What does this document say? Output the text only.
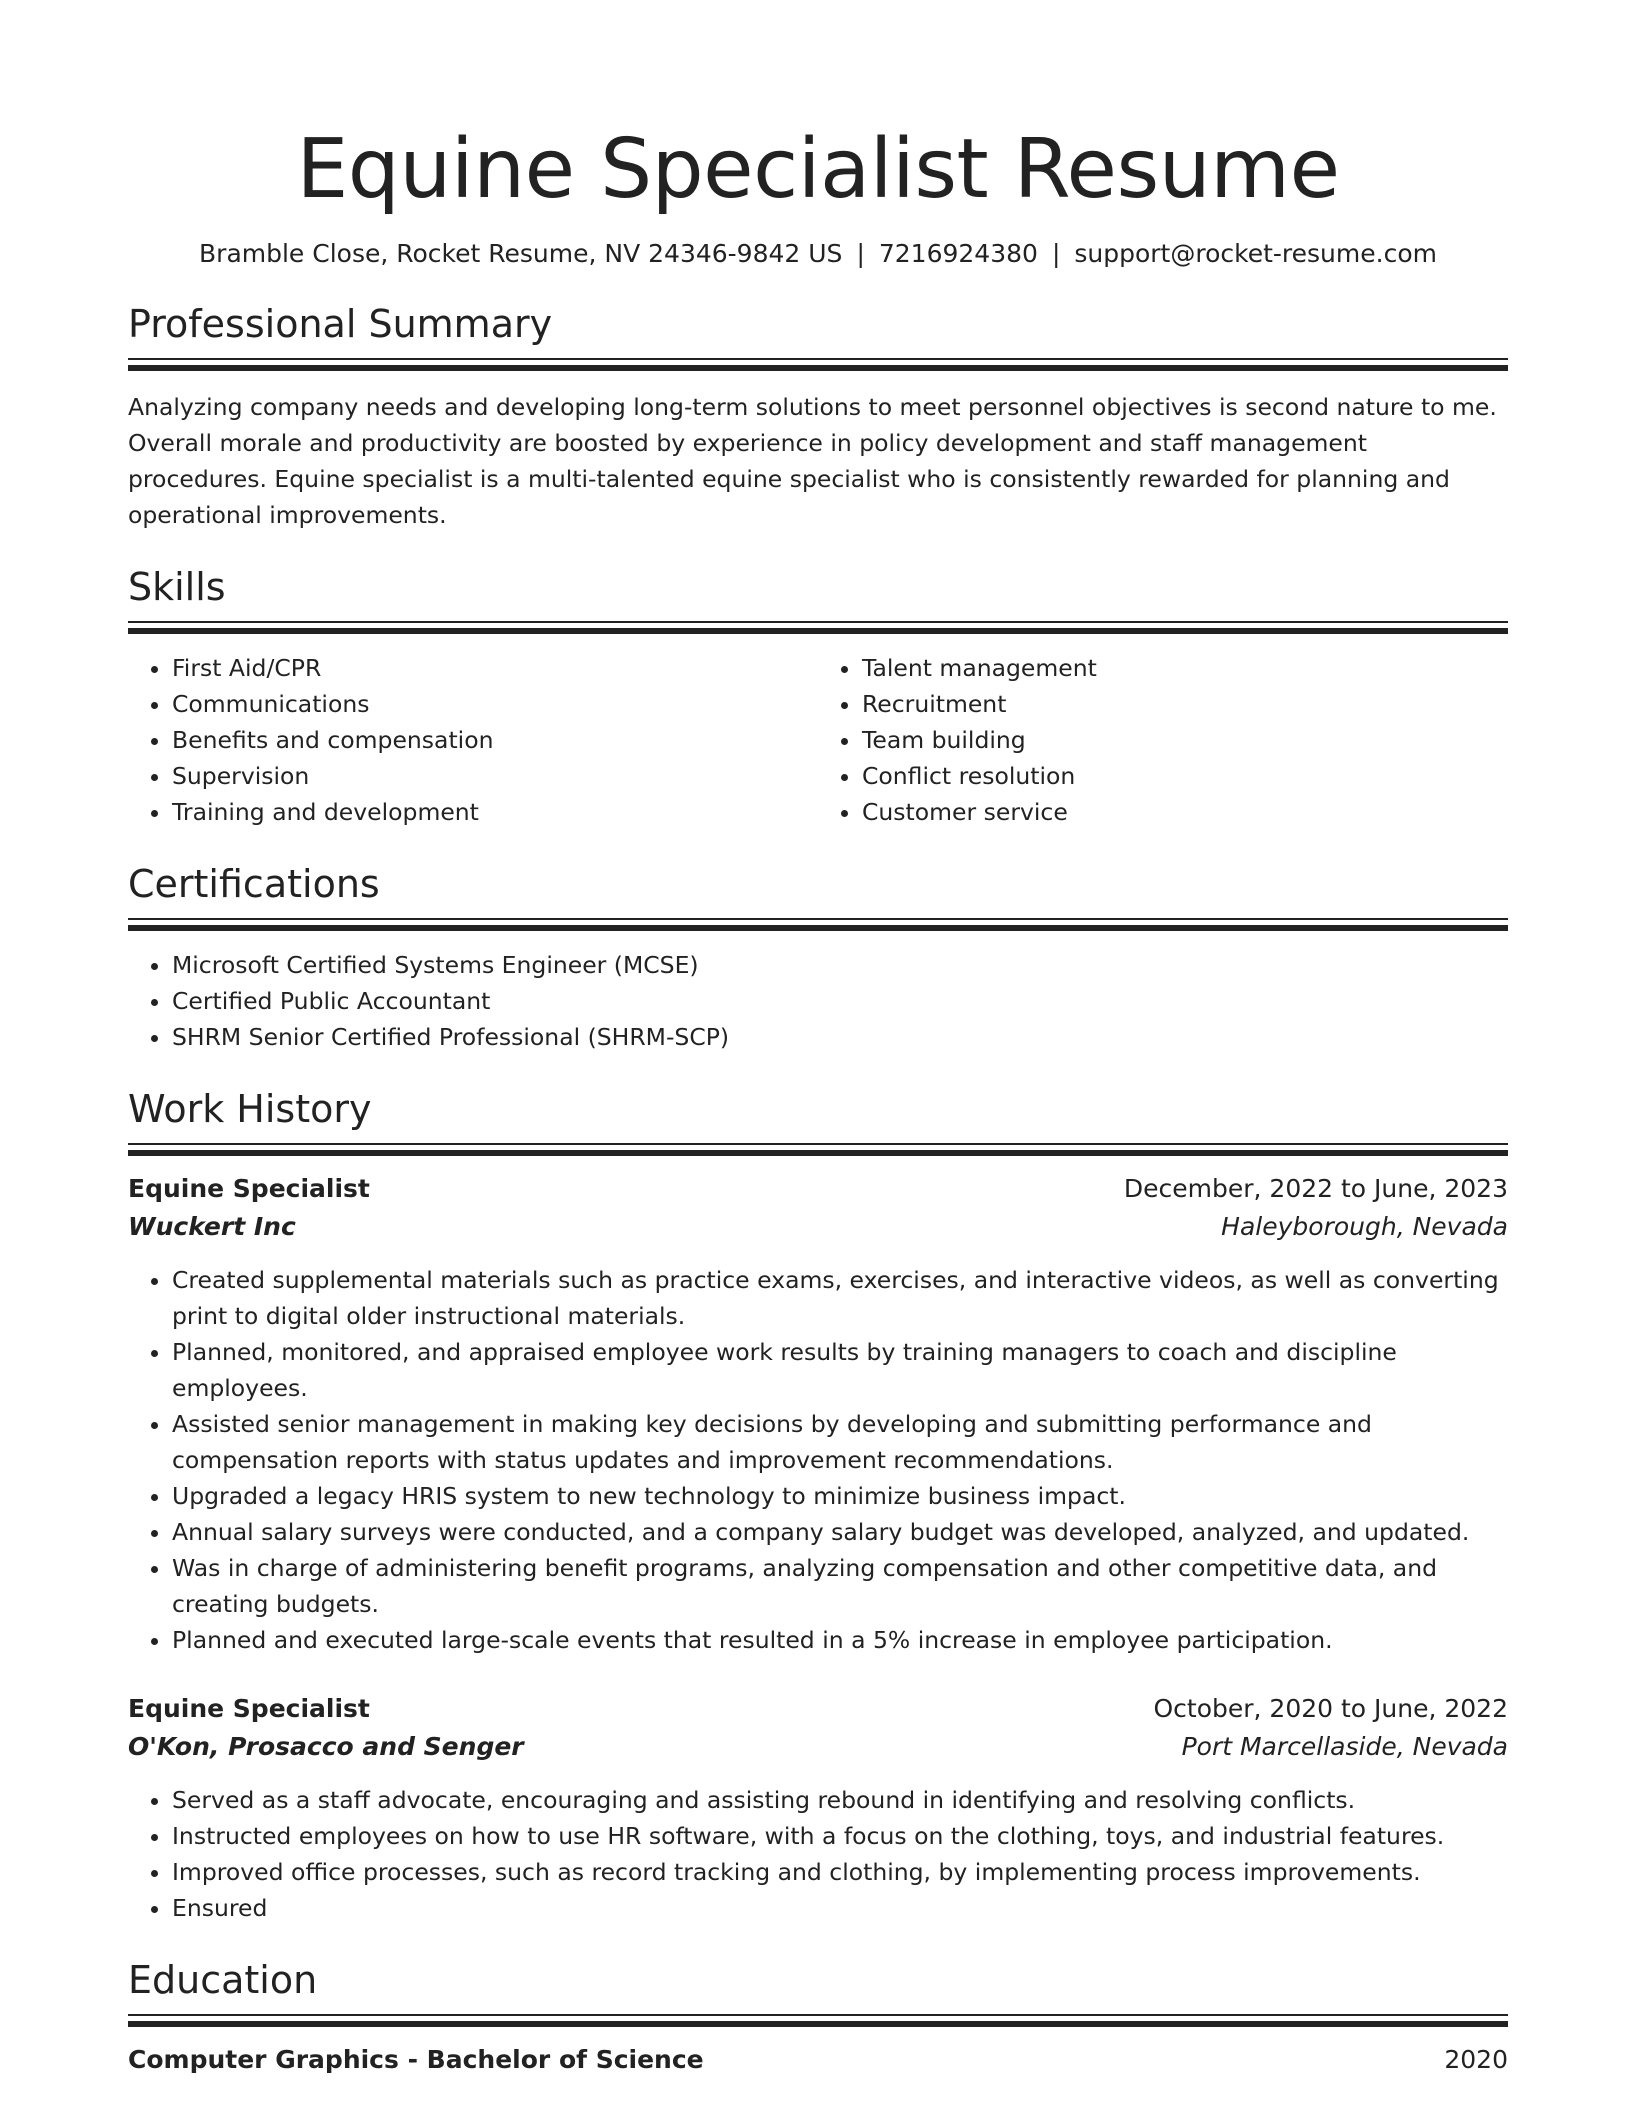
Equine Specialist Resume
Bramble Close, Rocket Resume, NV 24346-9842 US | 7216924380 | support@rocket-resume.com
Professional Summary

Analyzing company needs and developing long-term solutions to meet personnel objectives is second nature to me. Overall morale and productivity are boosted by experience in policy development and staff management procedures. Equine specialist is a multi-talented equine specialist who is consistently rewarded for planning and operational improvements.

Skills
• First Aid/CPR
• Communications
• Benefits and compensation
• Supervision
• Training and development
• Talent management
• Recruitment
• Team building
• Conflict resolution
• Customer service
Certifications
• Microsoft Certified Systems Engineer (MCSE)
• Certified Public Accountant
• SHRM Senior Certified Professional (SHRM-SCP)
Work History
Equine Specialist	December, 2022 to June, 2023
Wuckert Inc	Haleyborough, Nevada
• Created supplemental materials such as practice exams, exercises, and interactive videos, as well as converting print to digital older instructional materials.
• Planned, monitored, and appraised employee work results by training managers to coach and discipline employees.
• Assisted senior management in making key decisions by developing and submitting performance and compensation reports with status updates and improvement recommendations.
• Upgraded a legacy HRIS system to new technology to minimize business impact.
• Annual salary surveys were conducted, and a company salary budget was developed, analyzed, and updated.
• Was in charge of administering benefit programs, analyzing compensation and other competitive data, and creating budgets.
• Planned and executed large-scale events that resulted in a 5% increase in employee participation.
Equine Specialist	October, 2020 to June, 2022
O'Kon, Prosacco and Senger	Port Marcellaside, Nevada
• Served as a staff advocate, encouraging and assisting rebound in identifying and resolving conflicts.
• Instructed employees on how to use HR software, with a focus on the clothing, toys, and industrial features.
• Improved office processes, such as record tracking and clothing, by implementing process improvements.
• Ensured
Education
Computer Graphics - Bachelor of Science	2020
